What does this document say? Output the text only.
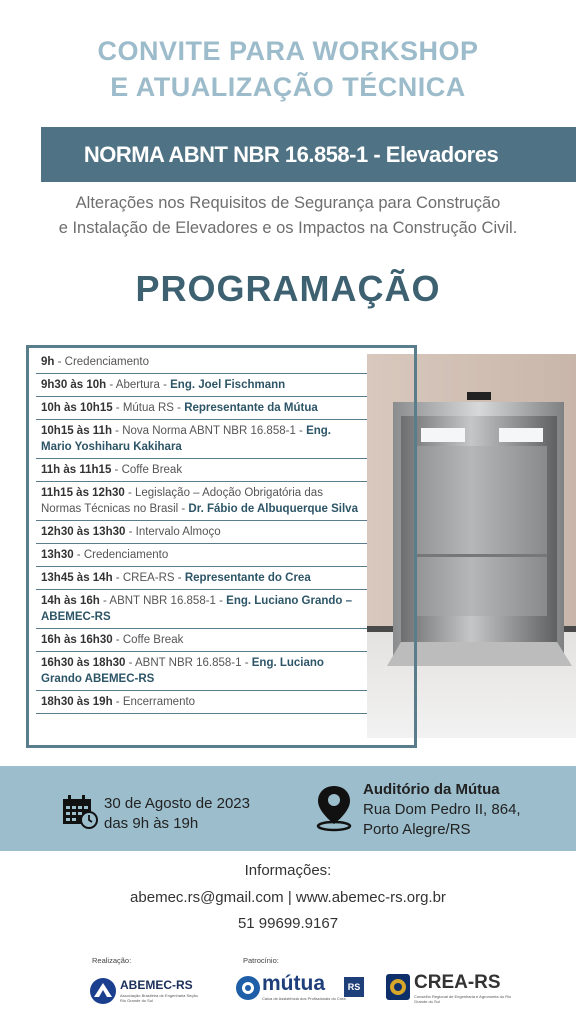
CONVITE PARA WORKSHOP
E ATUALIZAÇÃO TÉCNICA
NORMA ABNT NBR 16.858-1 - Elevadores
Alterações nos Requisitos de Segurança para Construção
e Instalação de Elevadores e os Impactos na Construção Civil.
PROGRAMAÇÃO
9h - Credenciamento
9h30 às 10h - Abertura - Eng. Joel Fischmann
10h às 10h15 - Mútua RS - Representante da Mútua
10h15 às 11h - Nova Norma ABNT NBR 16.858-1 - Eng. Mario Yoshiharu Kakihara
11h às 11h15 - Coffe Break
11h15 às 12h30 - Legislação – Adoção Obrigatória das Normas Técnicas no Brasil - Dr. Fábio de Albuquerque Silva
12h30 às 13h30 - Intervalo Almoço
13h30 - Credenciamento
13h45 às 14h - CREA-RS - Representante do Crea
14h às 16h - ABNT NBR 16.858-1 - Eng. Luciano Grando – ABEMEC-RS
16h às 16h30 - Coffe Break
16h30 às 18h30 - ABNT NBR 16.858-1 - Eng. Luciano Grando ABEMEC-RS
18h30 às 19h - Encerramento
30 de Agosto de 2023
das 9h às 19h
Auditório da Mútua
Rua Dom Pedro II, 864,
Porto Alegre/RS
Informações:
abemec.rs@gmail.com | www.abemec-rs.org.br
51 99699.9167
Realização:	Patrocínio:
ABEMEC-RS
Associação Brasileira de Engenharia Seção Rio Grande do Sul
mútua	RS
Caixa de Assistência dos Profissionais do Crea
CREA-RS
Conselho Regional de Engenharia e Agronomia do Rio Grande do Sul
